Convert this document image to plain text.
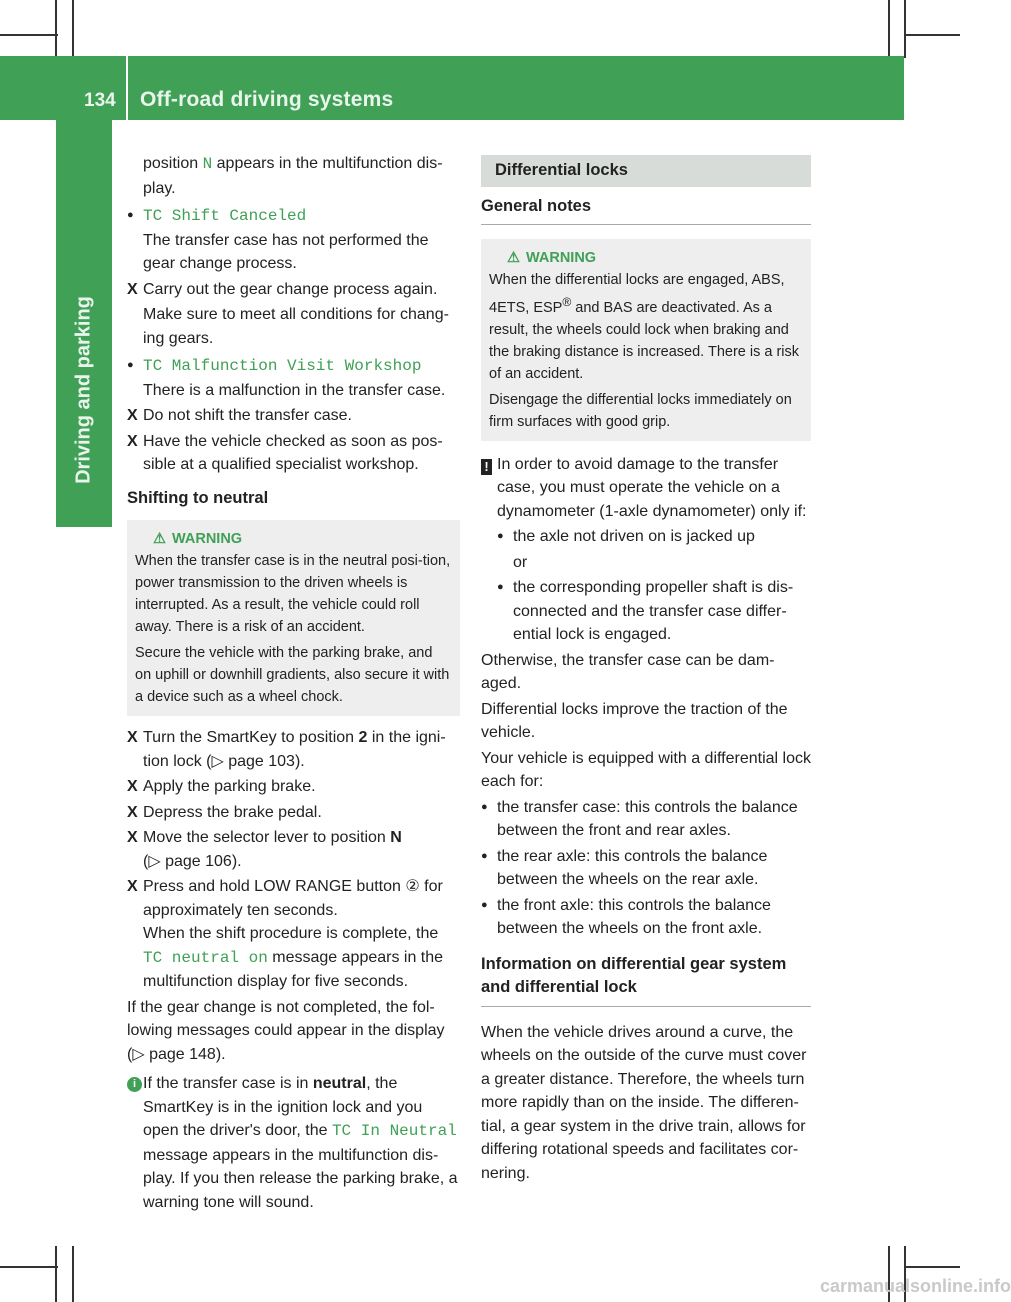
134 Off-road driving systems
Driving and parking

position N appears in the multifunction dis-play.

● TC Shift Canceled

The transfer case has not performed the gear change process.

X Carry out the gear change process again.

Make sure to meet all conditions for chang-ing gears.

● TC Malfunction Visit Workshop

There is a malfunction in the transfer case.

X Do not shift the transfer case.

X Have the vehicle checked as soon as pos-sible at a qualified specialist workshop.

Shifting to neutral

⚠ WARNING

When the transfer case is in the neutral posi-tion, power transmission to the driven wheels is interrupted. As a result, the vehicle could roll away. There is a risk of an accident.

Secure the vehicle with the parking brake, and on uphill or downhill gradients, also secure it with a device such as a wheel chock.

X Turn the SmartKey to position 2 in the igni-tion lock (▷ page 103).

X Apply the parking brake.

X Depress the brake pedal.

X Move the selector lever to position N
(▷ page 106).

X Press and hold LOW RANGE button ② for approximately ten seconds.
When the shift procedure is complete, the TC neutral on message appears in the multifunction display for five seconds.

If the gear change is not completed, the fol-lowing messages could appear in the display (▷ page 148).

i If the transfer case is in neutral, the SmartKey is in the ignition lock and you open the driver's door, the TC In Neutral message appears in the multifunction dis-play. If you then release the parking brake, a warning tone will sound.

Differential locks

General notes

⚠ WARNING

When the differential locks are engaged, ABS, 4ETS, ESP® and BAS are deactivated. As a result, the wheels could lock when braking and the braking distance is increased. There is a risk of an accident.

Disengage the differential locks immediately on firm surfaces with good grip.

! In order to avoid damage to the transfer case, you must operate the vehicle on a dynamometer (1-axle dynamometer) only if:

● the axle not driven on is jacked up

or

● the corresponding propeller shaft is dis-connected and the transfer case differ-ential lock is engaged.

Otherwise, the transfer case can be dam-aged.

Differential locks improve the traction of the vehicle.

Your vehicle is equipped with a differential lock each for:

● the transfer case: this controls the balance between the front and rear axles.

● the rear axle: this controls the balance between the wheels on the rear axle.

● the front axle: this controls the balance between the wheels on the front axle.

Information on differential gear system and differential lock

When the vehicle drives around a curve, the wheels on the outside of the curve must cover a greater distance. Therefore, the wheels turn more rapidly than on the inside. The differen-tial, a gear system in the drive train, allows for differing rotational speeds and facilitates cor-nering.

carmanualsonline.info
